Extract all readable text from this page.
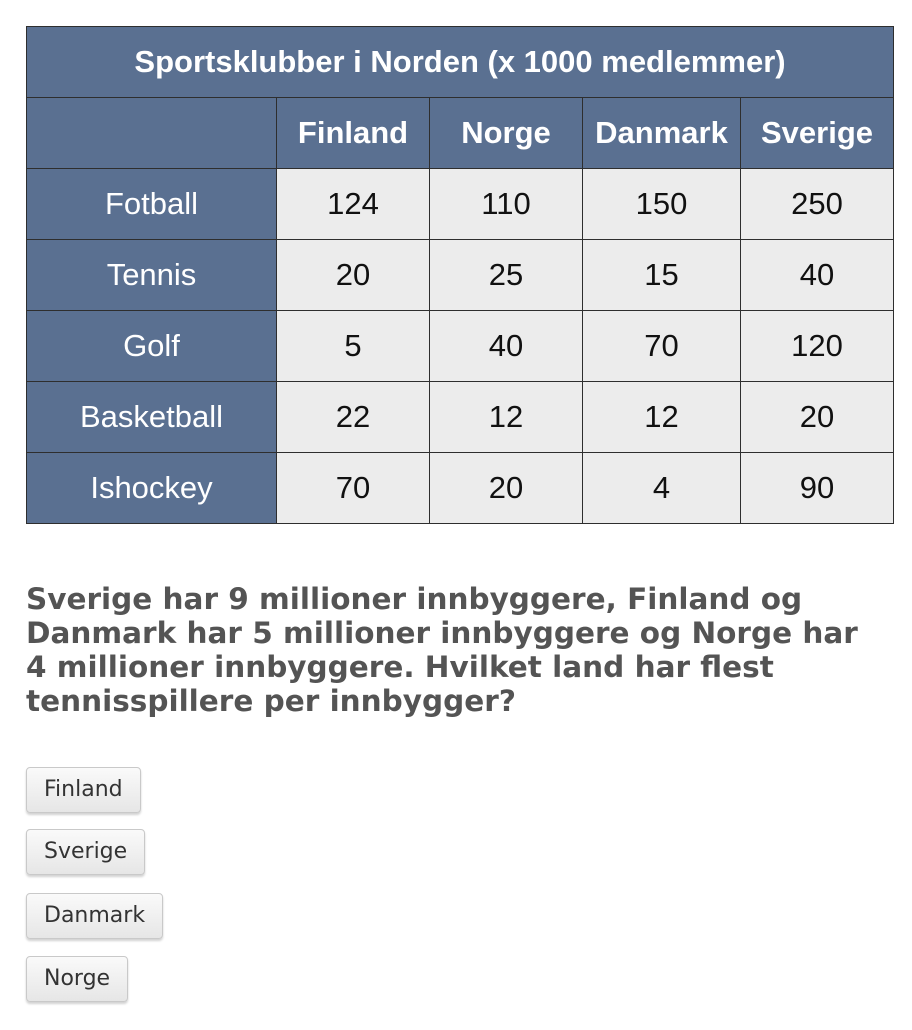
Sportsklubber i Norden (x 1000 medlemmer)				
	Finland	Norge	Danmark	Sverige
Fotball	124	110	150	250
Tennis	20	25	15	40
Golf	5	40	70	120
Basketball	22	12	12	20
Ishockey	70	20	4	90

Sverige har 9 millioner innbyggere, Finland og Danmark har 5 millioner innbyggere og Norge har 4 millioner innbyggere. Hvilket land har flest tennisspillere per innbygger?

Finland
Sverige
Danmark
Norge
